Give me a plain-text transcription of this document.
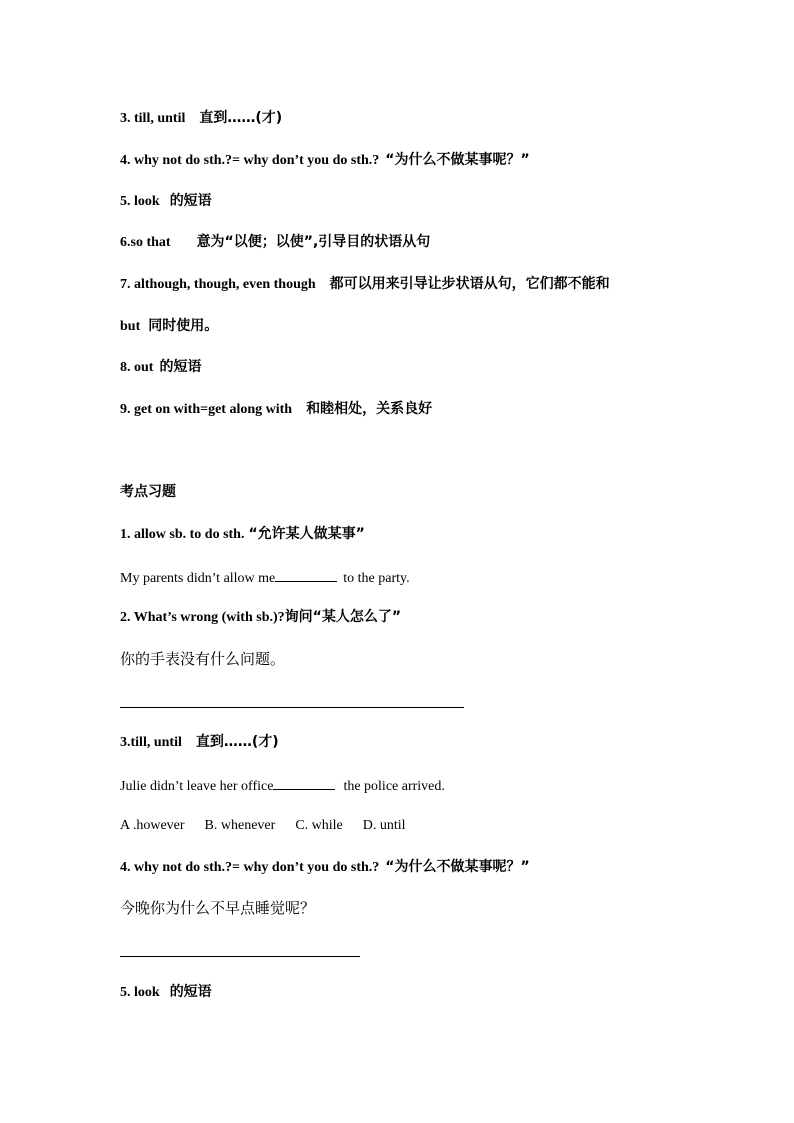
3. till, until 直到……(才)
4. why not do sth.?= why don’t you do sth.? “为什么不做某事呢？”
5. look 的短语
6.so that 意为“以便；以使”,引导目的状语从句
7. although, though, even though 都可以用来引导让步状语从句，它们都不能和
but 同时使用。
8. out 的短语
9. get on with=get along with 和睦相处，关系良好
考点习题
1. allow sb. to do sth. “允许某人做某事”
My parents didn’t allow me	to the party.
2. What’s wrong (with sb.)?询问“某人怎么了”
你的手表没有什么问题。
3.till, until 直到……(才)
Julie didn’t leave her office	the police arrived.
A .however B. whenever C. while D. until
4. why not do sth.?= why don’t you do sth.? “为什么不做某事呢？”
今晚你为什么不早点睡觉呢？
5. look 的短语
